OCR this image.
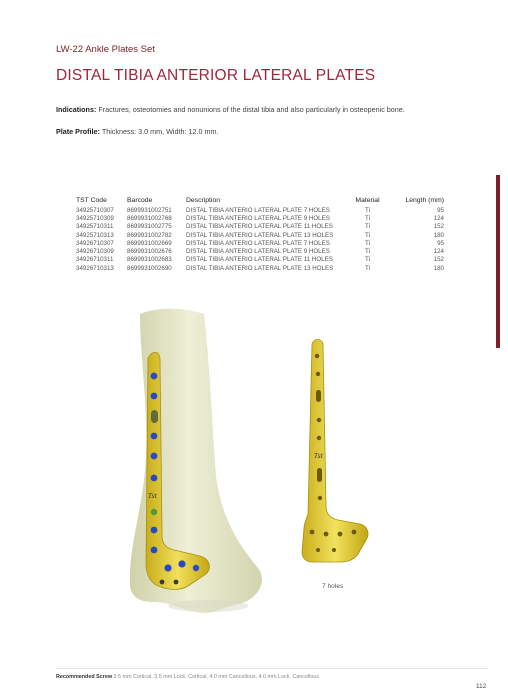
LW-22 Ankle Plates Set
DISTAL TIBIA ANTERIOR LATERAL PLATES
Indications: Fractures, osteotomies and nonunions of the distal tibia and also particularly in osteopenic bone.
Plate Profile: Thickness: 3.0 mm, Width: 12.0 mm.
TST Code	Barcode	Description	Material	Length (mm)
34925710307	8699931002751	DISTAL TIBIA ANTERIO LATERAL PLATE 7 HOLES	Ti	95
34925710309	8699931002768	DISTAL TIBIA ANTERIO LATERAL PLATE 9 HOLES	Ti	124
34925710311	8699931002775	DISTAL TIBIA ANTERIO LATERAL PLATE 11 HOLES	Ti	152
34925710313	8699931002782	DISTAL TIBIA ANTERIO LATERAL PLATE 13 HOLES	Ti	180
34926710307	8699931002669	DISTAL TIBIA ANTERIO LATERAL PLATE 7 HOLES	Ti	95
34926710309	8699931002676	DISTAL TIBIA ANTERIO LATERAL PLATE 9 HOLES	Ti	124
34926710311	8699931002683	DISTAL TIBIA ANTERIO LATERAL PLATE 11 HOLES	Ti	152
34926710313	8699931002690	DISTAL TIBIA ANTERIO LATERAL PLATE 13 HOLES	Ti	180
Tst
Tst
7 holes
Recommended Screw 3.5 mm Cortical, 3.5 mm Lock. Cortical, 4.0 mm Cancellous, 4.0 mm Lock. Cancellous
112
